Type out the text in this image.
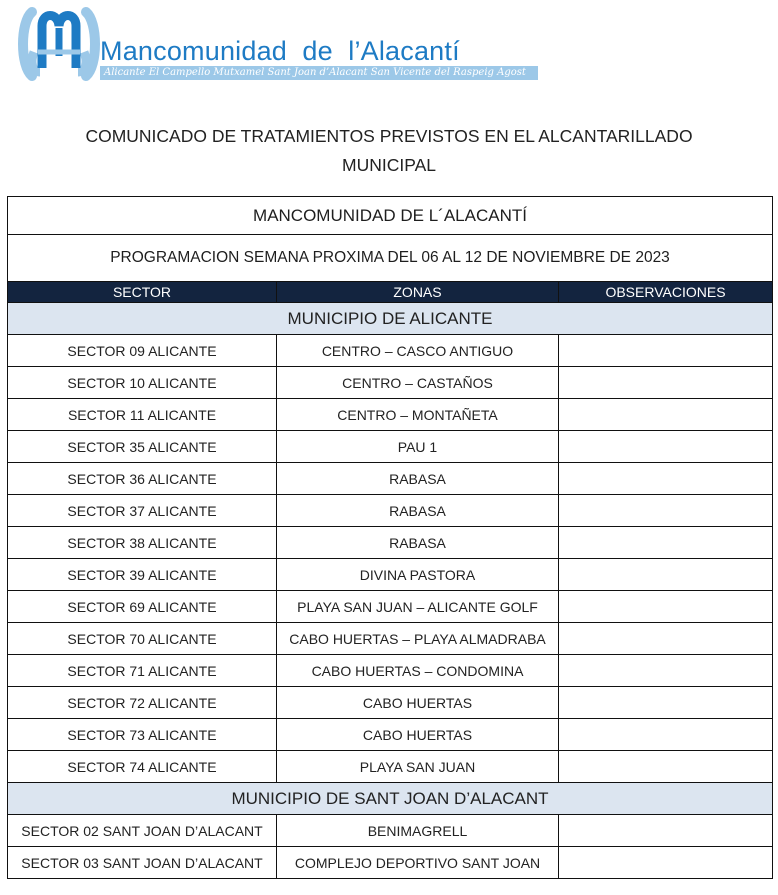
Mancomunidad  de  l’Alacantí
Alicante El Campello Mutxamel Sant Joan d’Alacant San Vicente del Raspeig Agost
COMUNICADO DE TRATAMIENTOS PREVISTOS EN EL ALCANTARILLADO
MUNICIPAL
MANCOMUNIDAD DE L´ALACANTÍ		
PROGRAMACION SEMANA PROXIMA DEL 06 AL 12 DE NOVIEMBRE DE 2023		
SECTOR	ZONAS	OBSERVACIONES
MUNICIPIO DE ALICANTE		
SECTOR 09 ALICANTE	CENTRO – CASCO ANTIGUO	
SECTOR 10 ALICANTE	CENTRO – CASTAÑOS	
SECTOR 11 ALICANTE	CENTRO – MONTAÑETA	
SECTOR 35 ALICANTE	PAU 1	
SECTOR 36 ALICANTE	RABASA	
SECTOR 37 ALICANTE	RABASA	
SECTOR 38 ALICANTE	RABASA	
SECTOR 39 ALICANTE	DIVINA PASTORA	
SECTOR 69 ALICANTE	PLAYA SAN JUAN – ALICANTE GOLF	
SECTOR 70 ALICANTE	CABO HUERTAS – PLAYA ALMADRABA	
SECTOR 71 ALICANTE	CABO HUERTAS – CONDOMINA	
SECTOR 72 ALICANTE	CABO HUERTAS	
SECTOR 73 ALICANTE	CABO HUERTAS	
SECTOR 74 ALICANTE	PLAYA SAN JUAN	
MUNICIPIO DE SANT JOAN D’ALACANT		
SECTOR 02 SANT JOAN D’ALACANT	BENIMAGRELL	
SECTOR 03 SANT JOAN D’ALACANT	COMPLEJO DEPORTIVO SANT JOAN	
